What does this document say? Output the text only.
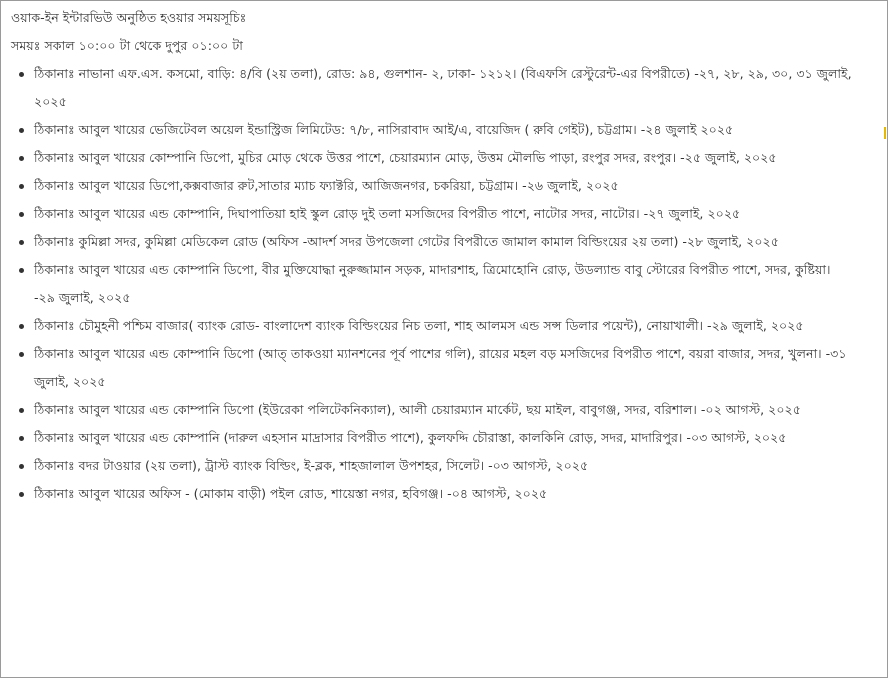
ওয়াক-ইন ইন্টারভিউ অনুষ্ঠিত হওয়ার সময়সূচিঃ

সময়ঃ সকাল ১০:০০ টা থেকে দুপুর ০১:০০ টা

ঠিকানাঃ নাভানা এফ.এস. কসমো, বাড়ি: ৪/বি (২য় তলা), রোড: ৯৪, গুলশান- ২, ঢাকা- ১২১২। (বিএফসি রেস্টুরেন্ট-এর বিপরীতে) -২৭, ২৮, ২৯, ৩০, ৩১ জুলাই, ২০২৫
ঠিকানাঃ আবুল খায়ের ভেজিটেবল অয়েল ইন্ডাস্ট্রিজ লিমিটেড: ৭/৮, নাসিরাবাদ আই/এ, বায়েজিদ ( রুবি গেইট), চট্টগ্রাম। -২৪ জুলাই ২০২৫
ঠিকানাঃ আবুল খায়ের কোম্পানি ডিপো, মুচির মোড় থেকে উত্তর পাশে, চেয়ারম্যান মোড়, উত্তম মৌলভি পাড়া, রংপুর সদর, রংপুর। -২৫ জুলাই, ২০২৫
ঠিকানাঃ আবুল খায়ের ডিপো,কক্সবাজার রুট,সাতার ম্যাচ ফ্যাক্টরি, আজিজনগর, চকরিয়া, চট্টগ্রাম। -২৬ জুলাই, ২০২৫
ঠিকানাঃ আবুল খায়ের এন্ড কোম্পানি, দিঘাপাতিয়া হাই স্কুল রোড় দুই তলা মসজিদের বিপরীত পাশে, নাটোর সদর, নাটোর। -২৭ জুলাই, ২০২৫
ঠিকানাঃ কুমিল্লা সদর, কুমিল্লা মেডিকেল রোড (অফিস -আদর্শ সদর উপজেলা গেটের বিপরীতে জামাল কামাল বিল্ডিংয়ের ২য় তলা) -২৮ জুলাই, ২০২৫
ঠিকানাঃ আবুল খায়ের এন্ড কোম্পানি ডিপো, বীর মুক্তিযোদ্ধা নুরুজ্জামান সড়ক, মাদারশাহ, ত্রিমোহোনি রোড়, উডল্যান্ড বাবু স্টোরের বিপরীত পাশে, সদর, কুষ্টিয়া। -২৯ জুলাই, ২০২৫
ঠিকানাঃ চৌমুহনী পশ্চিম বাজার( ব্যাংক রোড- বাংলাদেশ ব্যাংক বিল্ডিংয়ের নিচ তলা, শাহ আলমস এন্ড সন্স ডিলার পয়েন্ট), নোয়াখালী। -২৯ জুলাই, ২০২৫
ঠিকানাঃ আবুল খায়ের এন্ড কোম্পানি ডিপো (আত্ তাকওয়া ম্যানশনের পূর্ব পাশের গলি), রায়ের মহল বড় মসজিদের বিপরীত পাশে, বয়রা বাজার, সদর, খুলনা। -৩১ জুলাই, ২০২৫
ঠিকানাঃ আবুল খায়ের এন্ড কোম্পানি ডিপো (ইউরেকা পলিটেকনিক্যাল), আলী চেয়ারম্যান মার্কেট, ছয় মাইল, বাবুগঞ্জ, সদর, বরিশাল। -০২ আগস্ট, ২০২৫
ঠিকানাঃ আবুল খায়ের এন্ড কোম্পানি (দারুল এহসান মাদ্রাসার বিপরীত পাশে), কুলফদ্দি চৌরাস্তা, কালকিনি রোড়, সদর, মাদারিপুর। -০৩ আগস্ট, ২০২৫
ঠিকানাঃ বদর টাওয়ার (২য় তলা), ট্রাস্ট ব্যাংক বিল্ডিং, ই-ব্লক, শাহজালাল উপশহর, সিলেট। -০৩ আগস্ট, ২০২৫
ঠিকানাঃ আবুল খায়ের অফিস - (মোকাম বাড়ী) পইল রোড, শায়েস্তা নগর, হবিগঞ্জ। -০৪ আগস্ট, ২০২৫
